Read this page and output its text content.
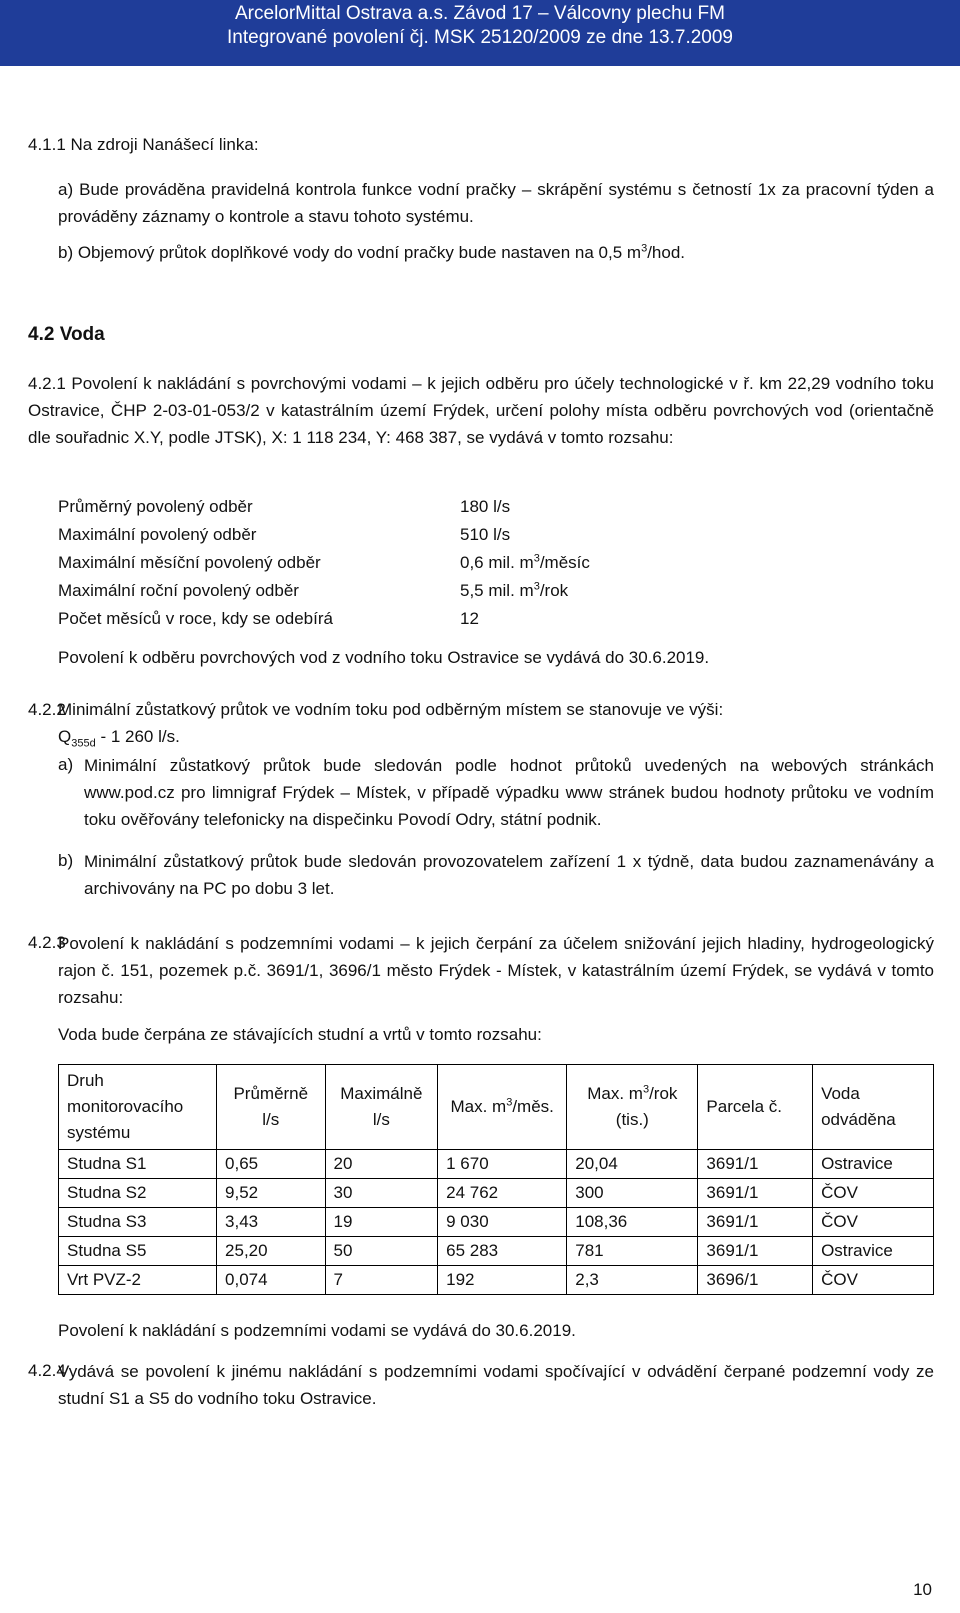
ArcelorMittal Ostrava a.s. Závod 17 – Válcovny plechu FM
Integrované povolení čj. MSK 25120/2009 ze dne 13.7.2009
4.1.1 Na zdroji Nanášecí linka:
a) Bude prováděna pravidelná kontrola funkce vodní pračky – skrápění systému s četností 1x za pracovní týden a prováděny záznamy o kontrole a stavu tohoto systému.
b) Objemový průtok doplňkové vody do vodní pračky bude nastaven na 0,5 $m^3$/hod.
4.2 Voda
4.2.1 Povolení k nakládání s povrchovými vodami – k jejich odběru pro účely technologické v ř. km 22,29 vodního toku Ostravice, ČHP 2-03-01-053/2 v katastrálním území Frýdek, určení polohy místa odběru povrchových vod (orientačně dle souřadnic X.Y, podle JTSK), X: 1 118 234, Y: 468 387, se vydává v tomto rozsahu:
Průměrný povolený odběr	180 l/s
Maximální povolený odběr	510 l/s
Maximální měsíční povolený odběr	0,6 mil. $m^3$/měsíc
Maximální roční povolený odběr	5,5 mil. $m^3$/rok
Počet měsíců v roce, kdy se odebírá	12
Povolení k odběru povrchových vod z vodního toku Ostravice se vydává do 30.6.2019.
4.2.2
Minimální zůstatkový průtok ve vodním toku pod odběrným místem se stanovuje ve výši:
$Q_{355d} - 1$ 260 l/s.
a) Minimální zůstatkový průtok bude sledován podle hodnot průtoků uvedených na webových stránkách www.pod.cz pro limnigraf Frýdek – Místek, v případě výpadku www stránek budou hodnoty průtoku ve vodním toku ověřovány telefonicky na dispečinku Povodí Odry, státní podnik.
b) Minimální zůstatkový průtok bude sledován provozovatelem zařízení 1 x týdně, data budou zaznamenávány a archivovány na PC po dobu 3 let.
4.2.3
Povolení k nakládání s podzemními vodami – k jejich čerpání za účelem snižování jejich hladiny, hydrogeologický rajon č. 151, pozemek p.č. 3691/1, 3696/1 město Frýdek - Místek, v katastrálním území Frýdek, se vydává v tomto rozsahu:
Voda bude čerpána ze stávajících studní a vrtů v tomto rozsahu:
Druh monitorovacího systému	Průměrně l/s	Maximálně l/s	Max. $m^3$/měs.	Max. $m^3$/rok (tis.)	Parcela č.	Voda odváděna
Studna S1	0,65	20	1 670	20,04	3691/1	Ostravice
Studna S2	9,52	30	24 762	300	3691/1	ČOV
Studna S3	3,43	19	9 030	108,36	3691/1	ČOV
Studna S5	25,20	50	65 283	781	3691/1	Ostravice
Vrt PVZ-2	0,074	7	192	2,3	3696/1	ČOV
Povolení k nakládání s podzemními vodami se vydává do 30.6.2019.
4.2.4
Vydává se povolení k jinému nakládání s podzemními vodami spočívající v odvádění čerpané podzemní vody ze studní S1 a S5 do vodního toku Ostravice.
10
